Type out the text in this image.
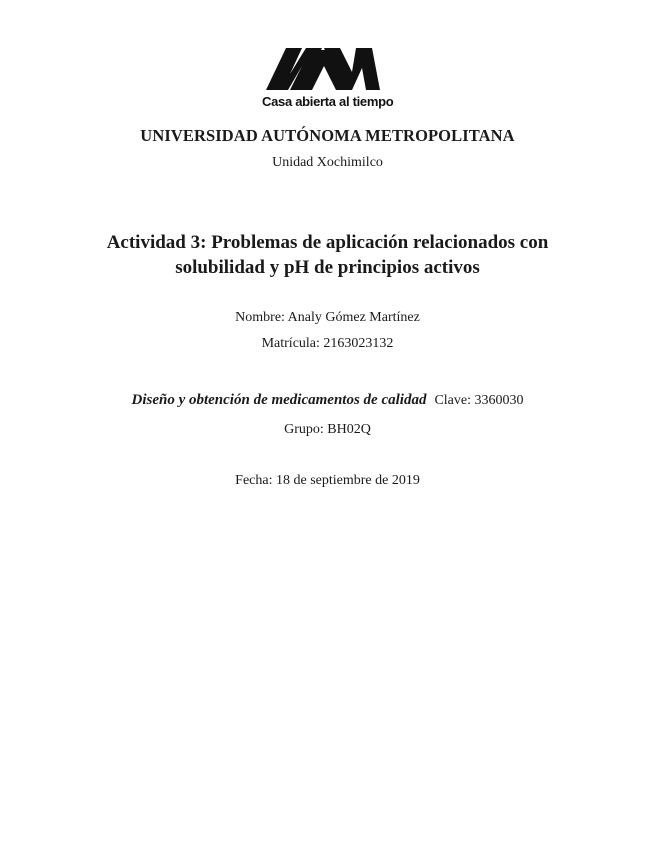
Casa abierta al tiempo
UNIVERSIDAD AUTÓNOMA METROPOLITANA
Unidad Xochimilco
Actividad 3: Problemas de aplicación relacionados con
solubilidad y pH de principios activos
Nombre: Analy Gómez Martínez
Matrícula: 2163023132
Diseño y obtención de medicamentos de calidad Clave: 3360030
Grupo: BH02Q
Fecha: 18 de septiembre de 2019
